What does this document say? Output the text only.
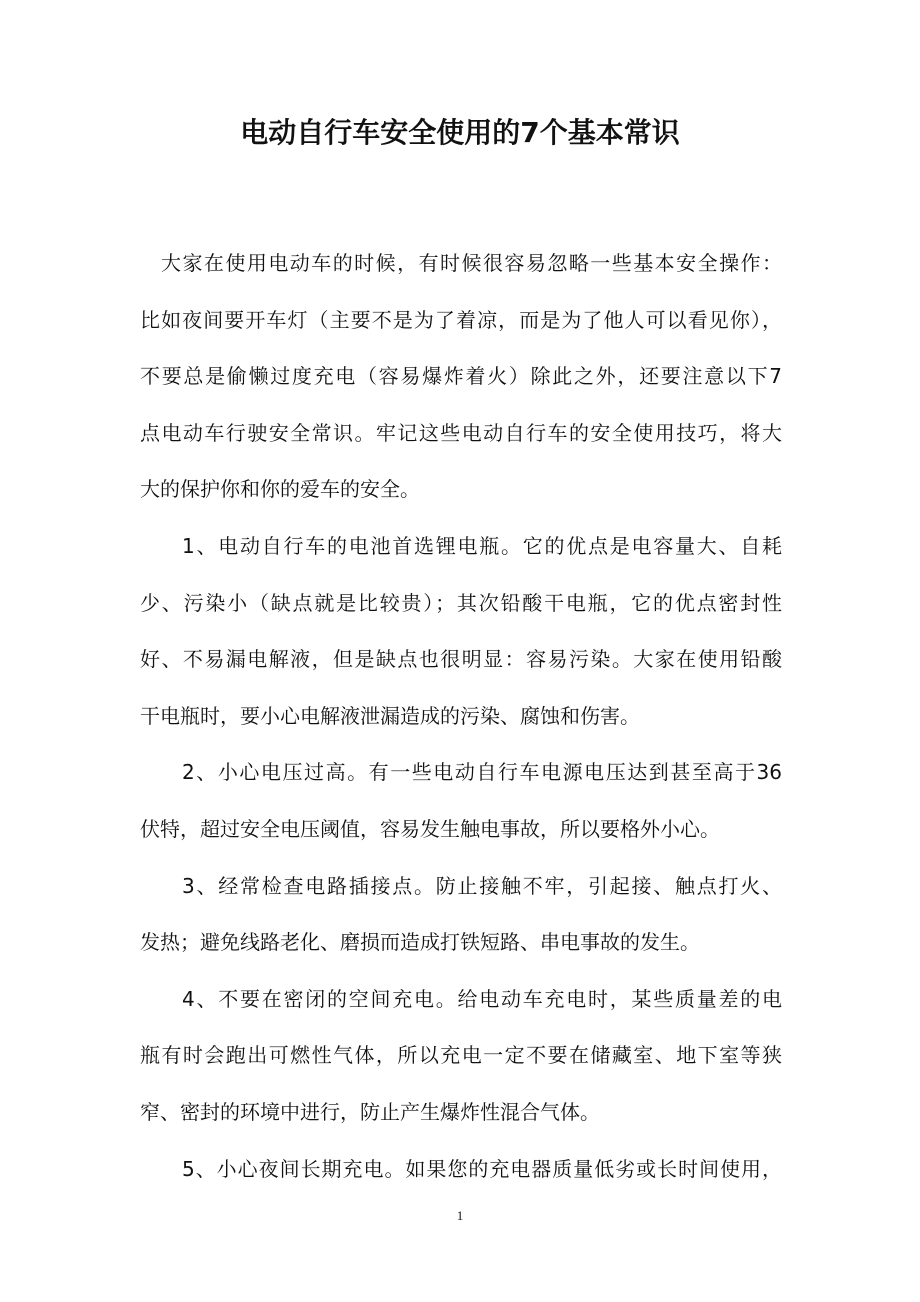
电动自行车安全使用的7个基本常识
大家在使用电动车的时候，有时候很容易忽略一些基本安全操作：
比如夜间要开车灯（主要不是为了着凉，而是为了他人可以看见你），
不要总是偷懒过度充电（容易爆炸着火）除此之外，还要注意以下7
点电动车行驶安全常识。牢记这些电动自行车的安全使用技巧，将大
大的保护你和你的爱车的安全。
1、电动自行车的电池首选锂电瓶。它的优点是电容量大、自耗
少、污染小（缺点就是比较贵）；其次铅酸干电瓶，它的优点密封性
好、不易漏电解液，但是缺点也很明显：容易污染。大家在使用铅酸
干电瓶时，要小心电解液泄漏造成的污染、腐蚀和伤害。
2、小心电压过高。有一些电动自行车电源电压达到甚至高于36
伏特，超过安全电压阈值，容易发生触电事故，所以要格外小心。
3、经常检查电路插接点。防止接触不牢，引起接、触点打火、
发热；避免线路老化、磨损而造成打铁短路、串电事故的发生。
4、不要在密闭的空间充电。给电动车充电时，某些质量差的电
瓶有时会跑出可燃性气体，所以充电一定不要在储藏室、地下室等狭
窄、密封的环境中进行，防止产生爆炸性混合气体。
5、小心夜间长期充电。如果您的充电器质量低劣或长时间使用，
1
